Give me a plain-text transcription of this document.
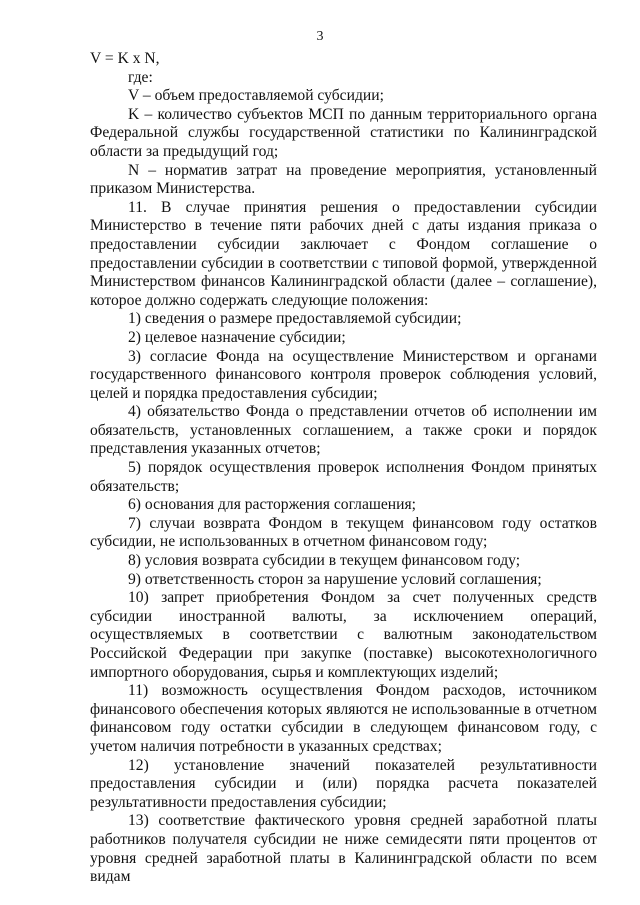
3

V = K x N,

где:

V – объем предоставляемой субсидии;

K – количество субъектов МСП по данным территориального органа Федеральной службы государственной статистики по Калининградской области за предыдущий год;

N – норматив затрат на проведение мероприятия, установленный приказом Министерства.

11. В случае принятия решения о предоставлении субсидии Министерство в течение пяти рабочих дней с даты издания приказа о предоставлении субсидии заключает с Фондом соглашение о предоставлении субсидии в соответствии с типовой формой, утвержденной Министерством финансов Калининградской области (далее – соглашение), которое должно содержать следующие положения:

1) сведения о размере предоставляемой субсидии;

2) целевое назначение субсидии;

3) согласие Фонда на осуществление Министерством и органами государственного финансового контроля проверок соблюдения условий, целей и порядка предоставления субсидии;

4) обязательство Фонда о представлении отчетов об исполнении им обязательств, установленных соглашением, а также сроки и порядок представления указанных отчетов;

5) порядок осуществления проверок исполнения Фондом принятых обязательств;

6) основания для расторжения соглашения;

7) случаи возврата Фондом в текущем финансовом году остатков субсидии, не использованных в отчетном финансовом году;

8) условия возврата субсидии в текущем финансовом году;

9) ответственность сторон за нарушение условий соглашения;

10) запрет приобретения Фондом за счет полученных средств субсидии иностранной валюты, за исключением операций, осуществляемых в соответствии с валютным законодательством Российской Федерации при закупке (поставке) высокотехнологичного импортного оборудования, сырья и комплектующих изделий;

11) возможность осуществления Фондом расходов, источником финансового обеспечения которых являются не использованные в отчетном финансовом году остатки субсидии в следующем финансовом году, с учетом наличия потребности в указанных средствах;

12) установление значений показателей результативности предоставления субсидии и (или) порядка расчета показателей результативности предоставления субсидии;

13) соответствие фактического уровня средней заработной платы работников получателя субсидии не ниже семидесяти пяти процентов от уровня средней заработной платы в Калининградской области по всем видам
